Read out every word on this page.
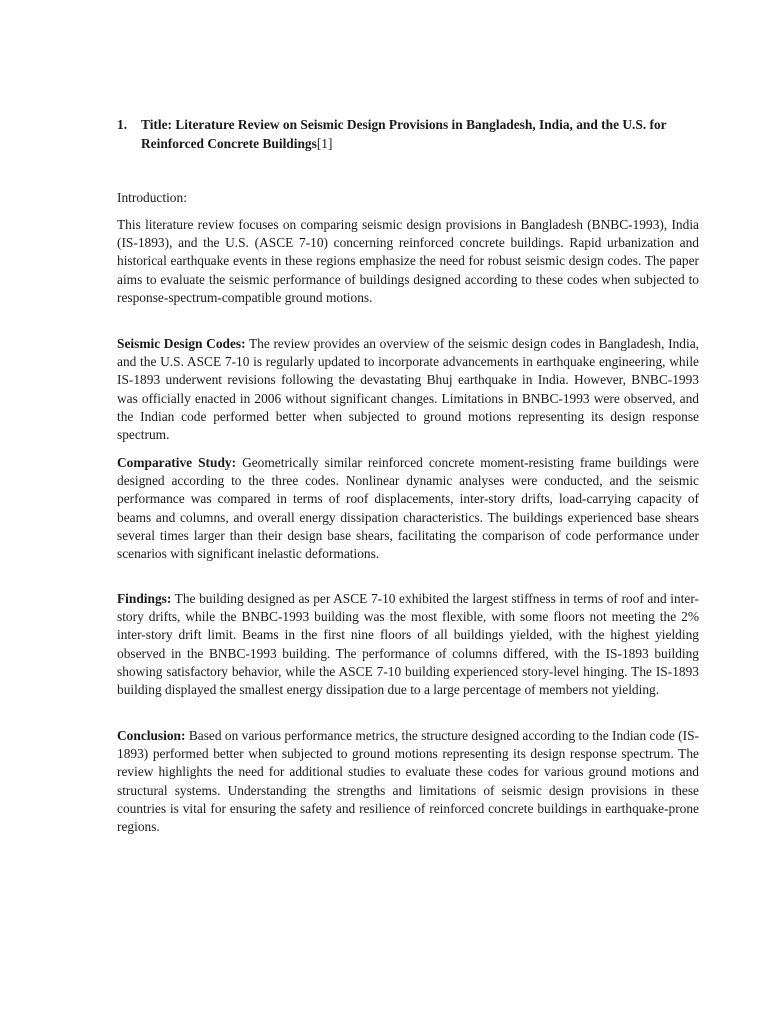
1. Title: Literature Review on Seismic Design Provisions in Bangladesh, India, and the U.S. for Reinforced Concrete Buildings[1]

Introduction:

This literature review focuses on comparing seismic design provisions in Bangladesh (BNBC-1993), India (IS-1893), and the U.S. (ASCE 7-10) concerning reinforced concrete buildings. Rapid urbanization and historical earthquake events in these regions emphasize the need for robust seismic design codes. The paper aims to evaluate the seismic performance of buildings designed according to these codes when subjected to response-spectrum-compatible ground motions.

Seismic Design Codes: The review provides an overview of the seismic design codes in Bangladesh, India, and the U.S. ASCE 7-10 is regularly updated to incorporate advancements in earthquake engineering, while IS-1893 underwent revisions following the devastating Bhuj earthquake in India. However, BNBC-1993 was officially enacted in 2006 without significant changes. Limitations in BNBC-1993 were observed, and the Indian code performed better when subjected to ground motions representing its design response spectrum.

Comparative Study: Geometrically similar reinforced concrete moment-resisting frame buildings were designed according to the three codes. Nonlinear dynamic analyses were conducted, and the seismic performance was compared in terms of roof displacements, inter-story drifts, load-carrying capacity of beams and columns, and overall energy dissipation characteristics. The buildings experienced base shears several times larger than their design base shears, facilitating the comparison of code performance under scenarios with significant inelastic deformations.

Findings: The building designed as per ASCE 7-10 exhibited the largest stiffness in terms of roof and inter-story drifts, while the BNBC-1993 building was the most flexible, with some floors not meeting the 2% inter-story drift limit. Beams in the first nine floors of all buildings yielded, with the highest yielding observed in the BNBC-1993 building. The performance of columns differed, with the IS-1893 building showing satisfactory behavior, while the ASCE 7-10 building experienced story-level hinging. The IS-1893 building displayed the smallest energy dissipation due to a large percentage of members not yielding.

Conclusion: Based on various performance metrics, the structure designed according to the Indian code (IS-1893) performed better when subjected to ground motions representing its design response spectrum. The review highlights the need for additional studies to evaluate these codes for various ground motions and structural systems. Understanding the strengths and limitations of seismic design provisions in these countries is vital for ensuring the safety and resilience of reinforced concrete buildings in earthquake-prone regions.
